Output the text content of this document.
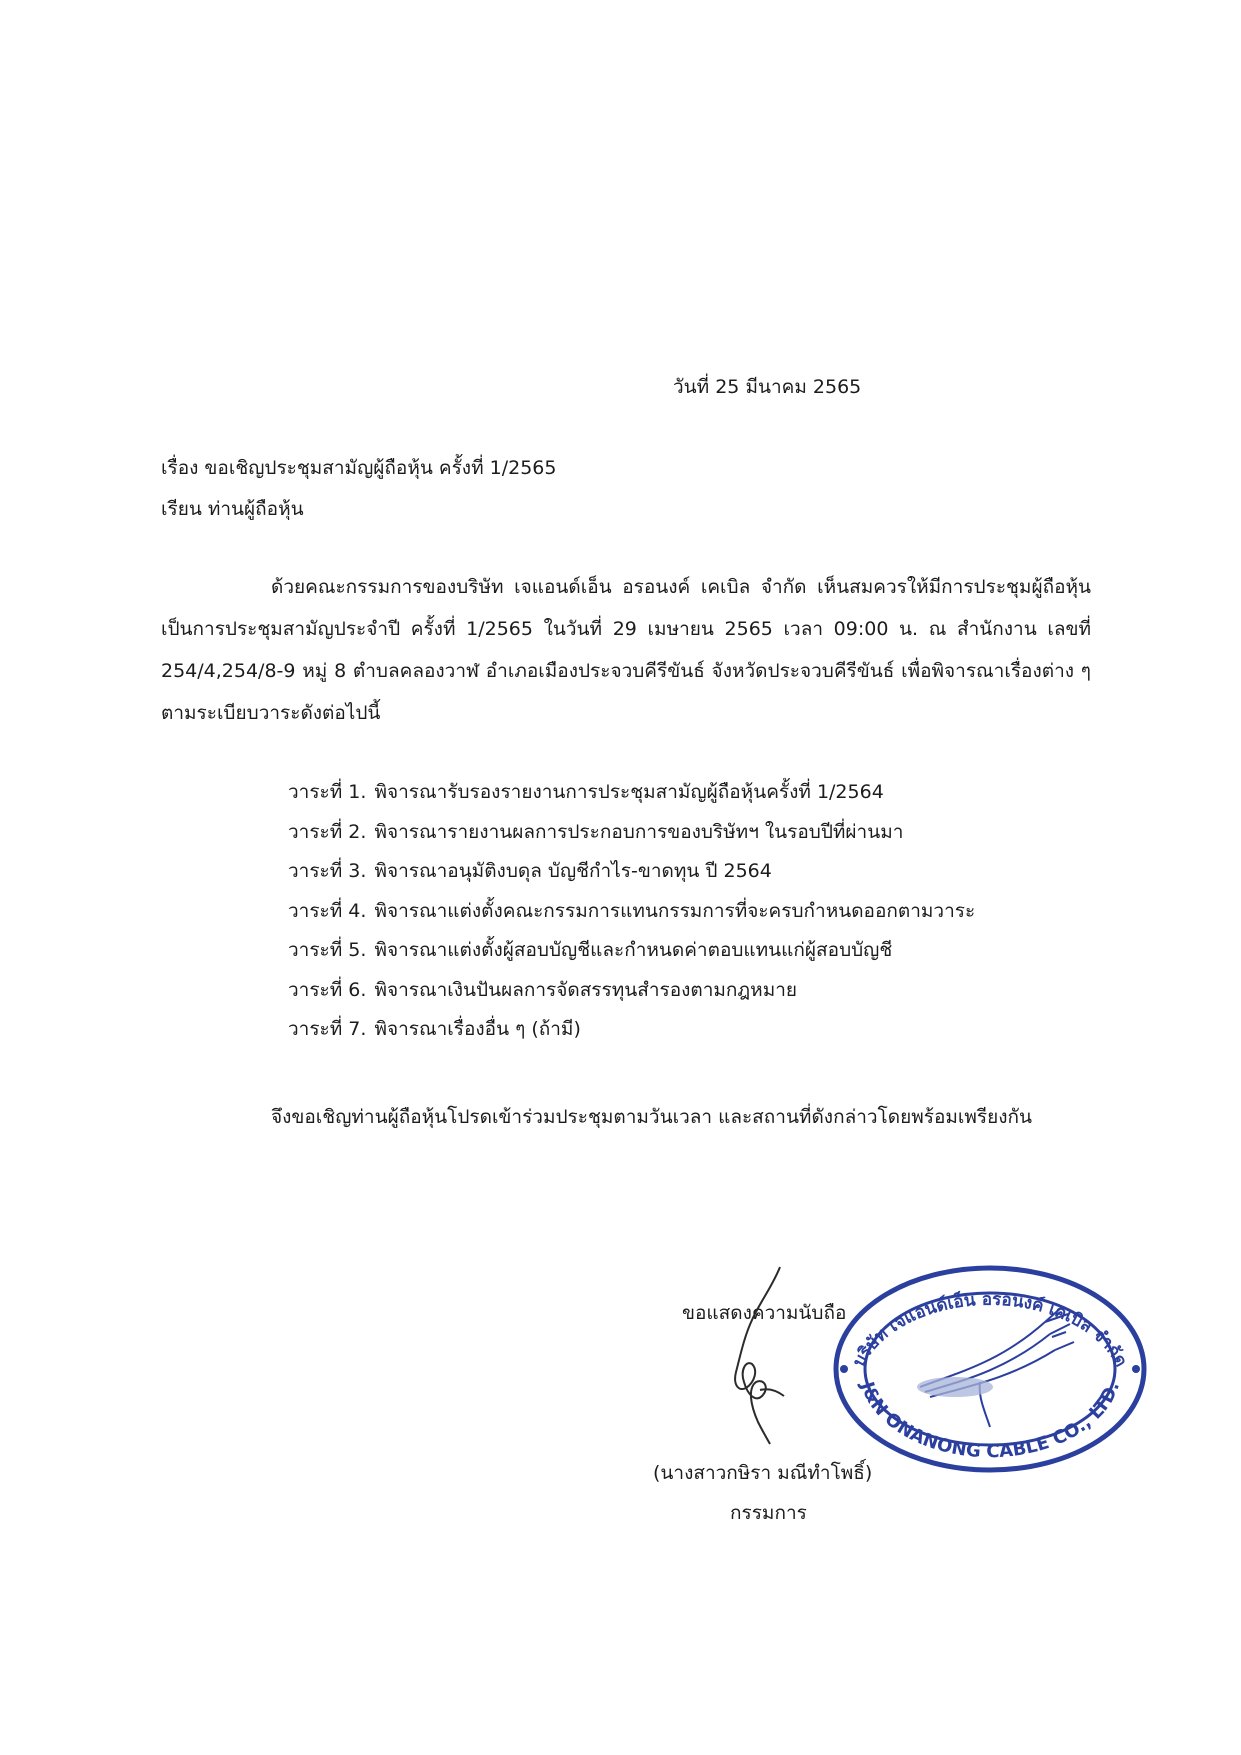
วันที่ 25 มีนาคม 2565
เรื่อง ขอเชิญประชุมสามัญผู้ถือหุ้น ครั้งที่ 1/2565
เรียน ท่านผู้ถือหุ้น
ด้วยคณะกรรมการของบริษัท เจแอนด์เอ็น อรอนงค์ เคเบิล จำกัด เห็นสมควรให้มีการประชุมผู้ถือหุ้นเป็นการประชุมสามัญประจำปี ครั้งที่ 1/2565 ในวันที่ 29 เมษายน 2565 เวลา 09:00 น. ณ สำนักงาน เลขที่ 254/4,254/8-9 หมู่ 8 ตำบลคลองวาฬ อำเภอเมืองประจวบคีรีขันธ์ จังหวัดประจวบคีรีขันธ์ เพื่อพิจารณาเรื่องต่าง ๆ ตามระเบียบวาระดังต่อไปนี้
วาระที่ 1. พิจารณารับรองรายงานการประชุมสามัญผู้ถือหุ้นครั้งที่ 1/2564
วาระที่ 2. พิจารณารายงานผลการประกอบการของบริษัทฯ ในรอบปีที่ผ่านมา
วาระที่ 3. พิจารณาอนุมัติงบดุล บัญชีกำไร-ขาดทุน ปี 2564
วาระที่ 4. พิจารณาแต่งตั้งคณะกรรมการแทนกรรมการที่จะครบกำหนดออกตามวาระ
วาระที่ 5. พิจารณาแต่งตั้งผู้สอบบัญชีและกำหนดค่าตอบแทนแก่ผู้สอบบัญชี
วาระที่ 6. พิจารณาเงินปันผลการจัดสรรทุนสำรองตามกฎหมาย
วาระที่ 7. พิจารณาเรื่องอื่น ๆ (ถ้ามี)
จึงขอเชิญท่านผู้ถือหุ้นโปรดเข้าร่วมประชุมตามวันเวลา และสถานที่ดังกล่าวโดยพร้อมเพรียงกัน
ขอแสดงความนับถือ
บริษัท เจแอนด์เอ็น อรอนงค์ เคเบิล จำกัด
J&N ONANONG CABLE CO., LTD.
(นางสาวกษิรา มณีทำโพธิ์)
กรรมการ
